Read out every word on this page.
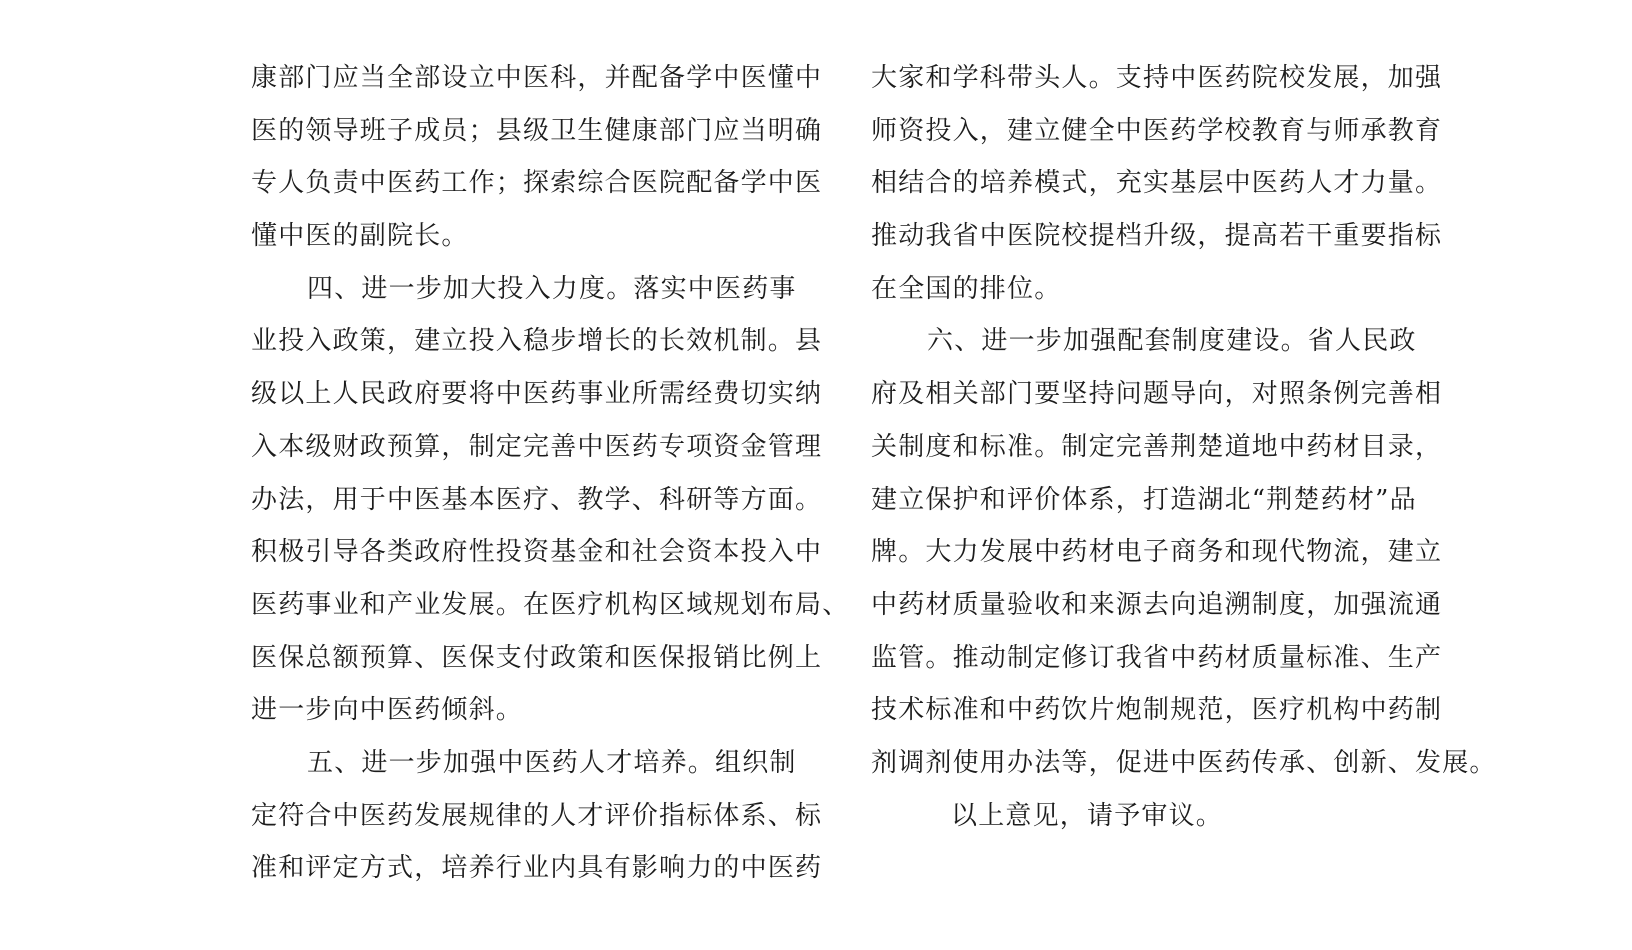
康部门应当全部设立中医科，并配备学中医懂中
医的领导班子成员；县级卫生健康部门应当明确
专人负责中医药工作；探索综合医院配备学中医
懂中医的副院长。
四、进一步加大投入力度。落实中医药事
业投入政策，建立投入稳步增长的长效机制。县
级以上人民政府要将中医药事业所需经费切实纳
入本级财政预算，制定完善中医药专项资金管理
办法，用于中医基本医疗、教学、科研等方面。
积极引导各类政府性投资基金和社会资本投入中
医药事业和产业发展。在医疗机构区域规划布局、
医保总额预算、医保支付政策和医保报销比例上
进一步向中医药倾斜。
五、进一步加强中医药人才培养。组织制
定符合中医药发展规律的人才评价指标体系、标
准和评定方式，培养行业内具有影响力的中医药
大家和学科带头人。支持中医药院校发展，加强
师资投入，建立健全中医药学校教育与师承教育
相结合的培养模式，充实基层中医药人才力量。
推动我省中医院校提档升级，提高若干重要指标
在全国的排位。
六、进一步加强配套制度建设。省人民政
府及相关部门要坚持问题导向，对照条例完善相
关制度和标准。制定完善荆楚道地中药材目录，
建立保护和评价体系，打造湖北“荆楚药材”品
牌。大力发展中药材电子商务和现代物流，建立
中药材质量验收和来源去向追溯制度，加强流通
监管。推动制定修订我省中药材质量标准、生产
技术标准和中药饮片炮制规范，医疗机构中药制
剂调剂使用办法等，促进中医药传承、创新、发展。
以上意见，请予审议。
